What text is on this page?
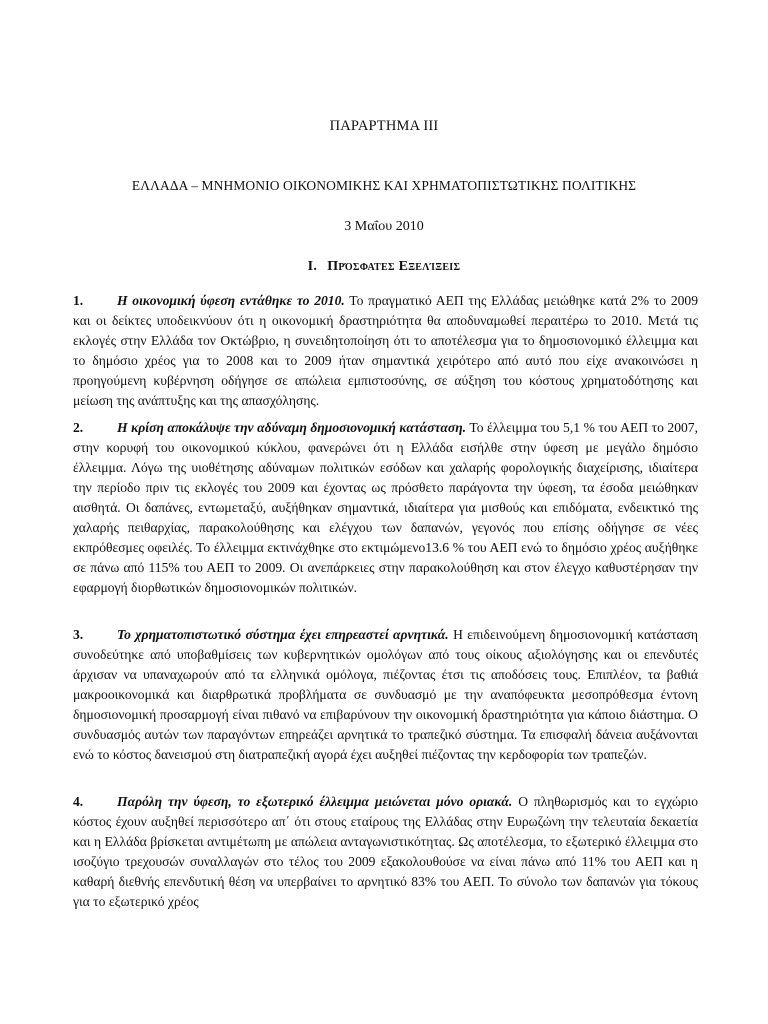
ΠΑΡΑΡΤΗΜΑ ΙΙΙ
ΕΛΛΑΔΑ – ΜΝΗΜΟΝΙΟ ΟΙΚΟΝΟΜΙΚΗΣ ΚΑΙ ΧΡΗΜΑΤΟΠΙΣΤΩΤΙΚΗΣ ΠΟΛΙΤΙΚΗΣ
3 Μαΐου 2010
I. Πρόσφατες Εξελίξεις
1. Η οικονομική ύφεση εντάθηκε το 2010. Το πραγματικό ΑΕΠ της Ελλάδας μειώθηκε κατά 2% το 2009 και οι δείκτες υποδεικνύουν ότι η οικονομική δραστηριότητα θα αποδυναμωθεί περαιτέρω το 2010. Μετά τις εκλογές στην Ελλάδα τον Οκτώβριο, η συνειδητοποίηση ότι το αποτέλεσμα για το δημοσιονομικό έλλειμμα και το δημόσιο χρέος για το 2008 και το 2009 ήταν σημαντικά χειρότερο από αυτό που είχε ανακοινώσει η προηγούμενη κυβέρνηση οδήγησε σε απώλεια εμπιστοσύνης, σε αύξηση του κόστους χρηματοδότησης και μείωση της ανάπτυξης και της απασχόλησης.
2. Η κρίση αποκάλυψε την αδύναμη δημοσιονομική κατάσταση. Το έλλειμμα του 5,1 % του ΑΕΠ το 2007, στην κορυφή του οικονομικού κύκλου, φανερώνει ότι η Ελλάδα εισήλθε στην ύφεση με μεγάλο δημόσιο έλλειμμα. Λόγω της υιοθέτησης αδύναμων πολιτικών εσόδων και χαλαρής φορολογικής διαχείρισης, ιδιαίτερα την περίοδο πριν τις εκλογές του 2009 και έχοντας ως πρόσθετο παράγοντα την ύφεση, τα έσοδα μειώθηκαν αισθητά. Οι δαπάνες, εντωμεταξύ, αυξήθηκαν σημαντικά, ιδιαίτερα για μισθούς και επιδόματα, ενδεικτικό της χαλαρής πειθαρχίας, παρακολούθησης και ελέγχου των δαπανών, γεγονός που επίσης οδήγησε σε νέες εκπρόθεσμες οφειλές. Το έλλειμμα εκτινάχθηκε στο εκτιμώμενο13.6 % του ΑΕΠ ενώ το δημόσιο χρέος αυξήθηκε σε πάνω από 115% του ΑΕΠ το 2009. Οι ανεπάρκειες στην παρακολούθηση και στον έλεγχο καθυστέρησαν την εφαρμογή διορθωτικών δημοσιονομικών πολιτικών.
3. Το χρηματοπιστωτικό σύστημα έχει επηρεαστεί αρνητικά. Η επιδεινούμενη δημοσιονομική κατάσταση συνοδεύτηκε από υποβαθμίσεις των κυβερνητικών ομολόγων από τους οίκους αξιολόγησης και οι επενδυτές άρχισαν να υπαναχωρούν από τα ελληνικά ομόλογα, πιέζοντας έτσι τις αποδόσεις τους. Επιπλέον, τα βαθιά μακροοικονομικά και διαρθρωτικά προβλήματα σε συνδυασμό με την αναπόφευκτα μεσοπρόθεσμα έντονη δημοσιονομική προσαρμογή είναι πιθανό να επιβαρύνουν την οικονομική δραστηριότητα για κάποιο διάστημα. Ο συνδυασμός αυτών των παραγόντων επηρεάζει αρνητικά το τραπεζικό σύστημα. Τα επισφαλή δάνεια αυξάνονται ενώ το κόστος δανεισμού στη διατραπεζική αγορά έχει αυξηθεί πιέζοντας την κερδοφορία των τραπεζών.
4. Παρόλη την ύφεση, το εξωτερικό έλλειμμα μειώνεται μόνο οριακά. Ο πληθωρισμός και το εγχώριο κόστος έχουν αυξηθεί περισσότερο απ΄ ότι στους εταίρους της Ελλάδας στην Ευρωζώνη την τελευταία δεκαετία και η Ελλάδα βρίσκεται αντιμέτωπη με απώλεια ανταγωνιστικότητας. Ως αποτέλεσμα, το εξωτερικό έλλειμμα στο ισοζύγιο τρεχουσών συναλλαγών στο τέλος του 2009 εξακολουθούσε να είναι πάνω από 11% του ΑΕΠ και η καθαρή διεθνής επενδυτική θέση να υπερβαίνει το αρνητικό 83% του ΑΕΠ. Το σύνολο των δαπανών για τόκους για το εξωτερικό χρέος
